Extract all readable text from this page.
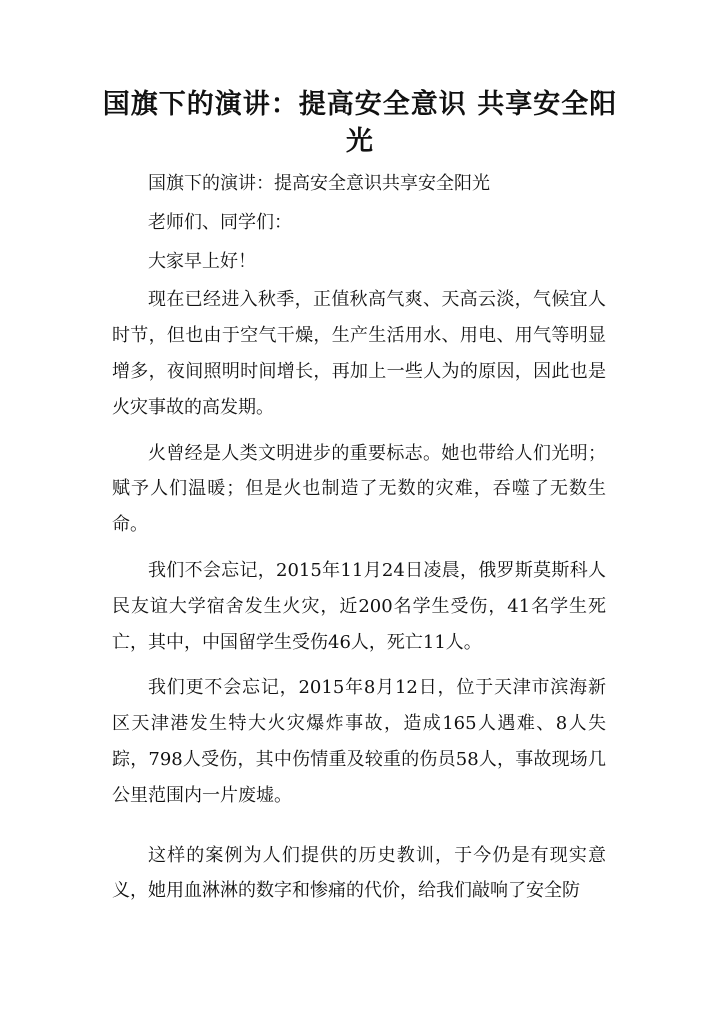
国旗下的演讲：提高安全意识 共享安全阳光

国旗下的演讲：提高安全意识共享安全阳光

老师们、同学们：

大家早上好！

现在已经进入秋季，正值秋高气爽、天高云淡，气候宜人时节，但也由于空气干燥，生产生活用水、用电、用气等明显增多，夜间照明时间增长，再加上一些人为的原因，因此也是火灾事故的高发期。

火曾经是人类文明进步的重要标志。她也带给人们光明；赋予人们温暖；但是火也制造了无数的灾难，吞噬了无数生命。

我们不会忘记，2015年11月24日凌晨，俄罗斯莫斯科人民友谊大学宿舍发生火灾，近200名学生受伤，41名学生死亡，其中，中国留学生受伤46人，死亡11人。

我们更不会忘记，2015年8月12日，位于天津市滨海新区天津港发生特大火灾爆炸事故，造成165人遇难、8人失踪，798人受伤，其中伤情重及较重的伤员58人，事故现场几公里范围内一片废墟。

这样的案例为人们提供的历史教训，于今仍是有现实意义，她用血淋淋的数字和惨痛的代价，给我们敲响了安全防
